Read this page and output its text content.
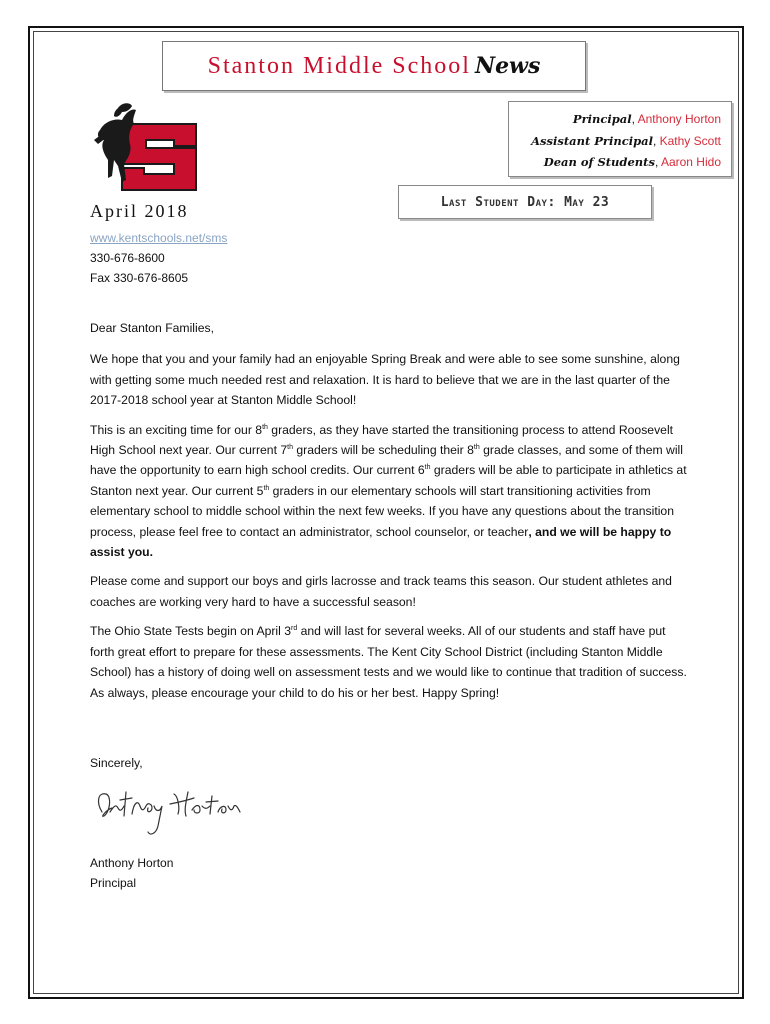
Stanton Middle School News
Principal, Anthony Horton
Assistant Principal, Kathy Scott
Dean of Students, Aaron Hido
Last Student Day: May 23
April 2018
www.kentschools.net/sms
330-676-8600
Fax 330-676-8605

Dear Stanton Families,

We hope that you and your family had an enjoyable Spring Break and were able to see some sunshine, along with getting some much needed rest and relaxation. It is hard to believe that we are in the last quarter of the 2017-2018 school year at Stanton Middle School!

This is an exciting time for our 8th graders, as they have started the transitioning process to attend Roosevelt High School next year. Our current 7th graders will be scheduling their 8th grade classes, and some of them will have the opportunity to earn high school credits. Our current 6th graders will be able to participate in athletics at Stanton next year. Our current 5th graders in our elementary schools will start transitioning activities from elementary school to middle school within the next few weeks. If you have any questions about the transition process, please feel free to contact an administrator, school counselor, or teacher, and we will be happy to assist you.

Please come and support our boys and girls lacrosse and track teams this season. Our student athletes and coaches are working very hard to have a successful season!

The Ohio State Tests begin on April 3rd and will last for several weeks. All of our students and staff have put forth great effort to prepare for these assessments. The Kent City School District (including Stanton Middle School) has a history of doing well on assessment tests and we would like to continue that tradition of success. As always, please encourage your child to do his or her best. Happy Spring!

Sincerely,
Anthony Horton
Principal
